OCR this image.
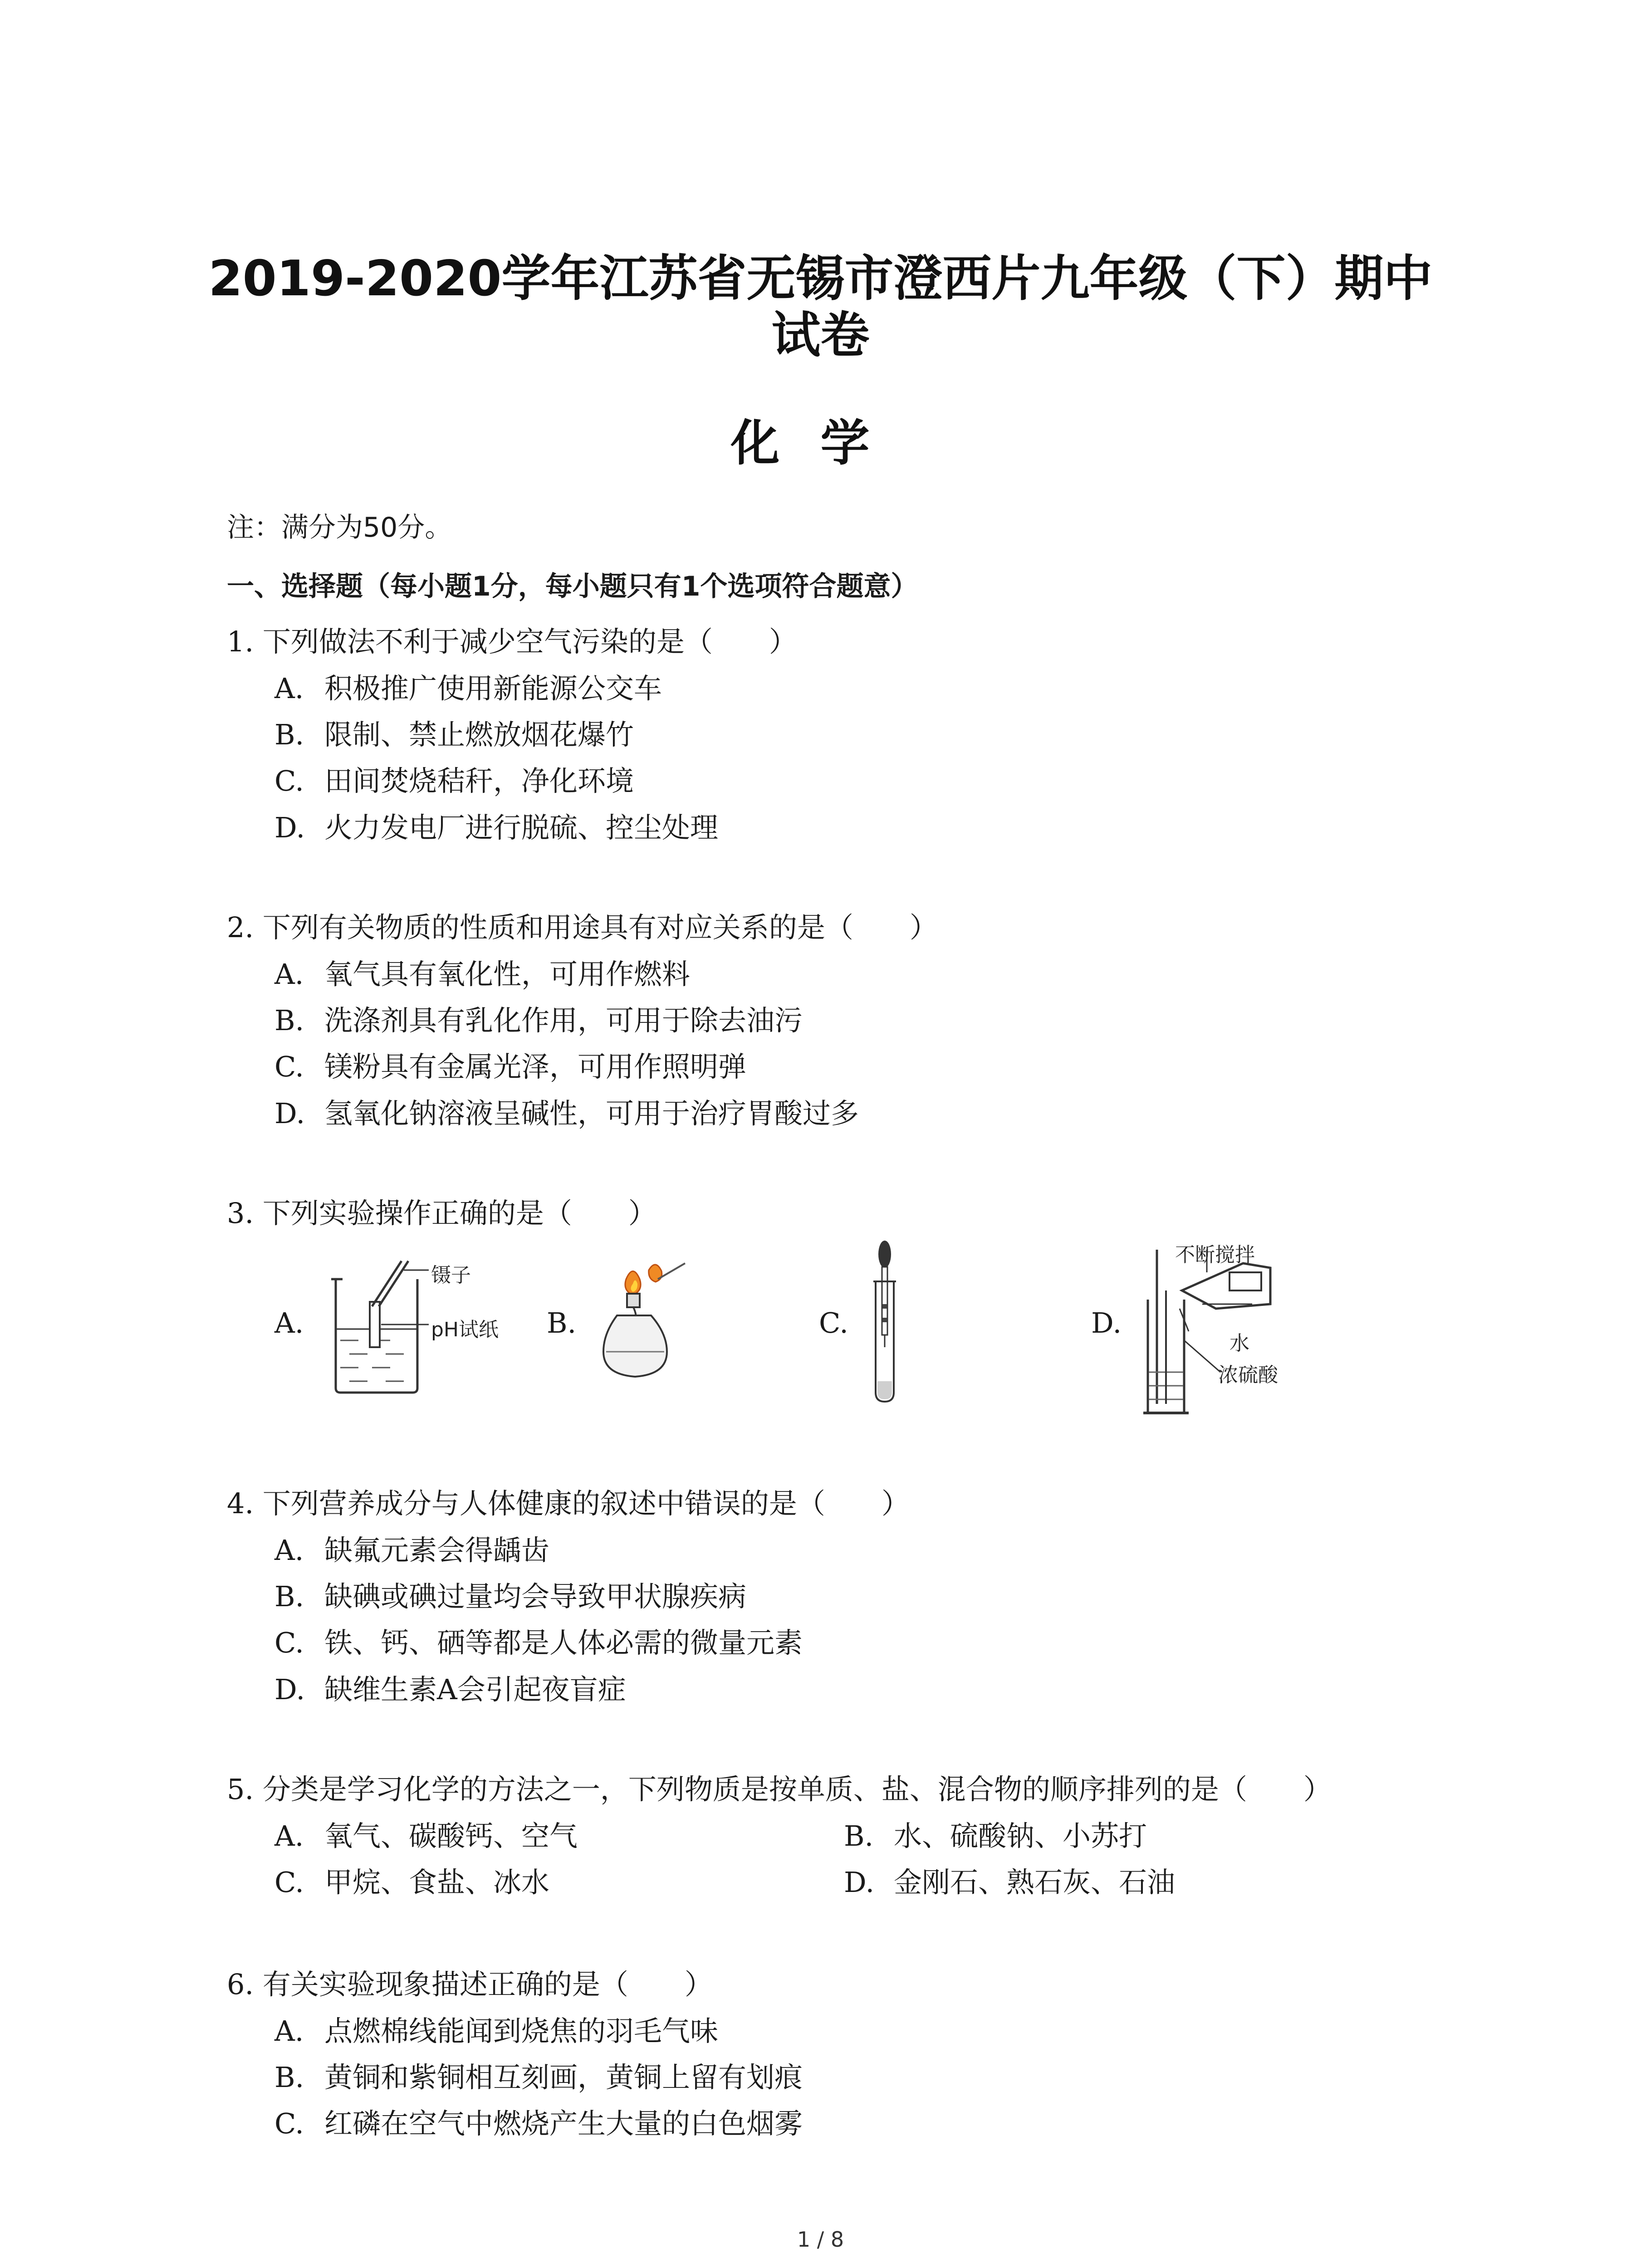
2019-2020学年江苏省无锡市澄西片九年级（下）期中
试卷
化学
注：满分为50分。
一、选择题（每小题1分，每小题只有1个选项符合题意）
1. 下列做法不利于减少空气污染的是（　　）
A. 积极推广使用新能源公交车
B. 限制、禁止燃放烟花爆竹
C. 田间焚烧秸秆，净化环境
D. 火力发电厂进行脱硫、控尘处理
2. 下列有关物质的性质和用途具有对应关系的是（　　）
A. 氧气具有氧化性，可用作燃料
B. 洗涤剂具有乳化作用，可用于除去油污
C. 镁粉具有金属光泽，可用作照明弹
D. 氢氧化钠溶液呈碱性，可用于治疗胃酸过多
3. 下列实验操作正确的是（　　）
A.	B.	C.	D.
镊子
pH试纸
不断搅拌
水
浓硫酸
4. 下列营养成分与人体健康的叙述中错误的是（　　）
A. 缺氟元素会得龋齿
B. 缺碘或碘过量均会导致甲状腺疾病
C. 铁、钙、硒等都是人体必需的微量元素
D. 缺维生素A会引起夜盲症
5. 分类是学习化学的方法之一，下列物质是按单质、盐、混合物的顺序排列的是（　　）
A. 氧气、碳酸钙、空气	B. 水、硫酸钠、小苏打
C. 甲烷、食盐、冰水	D. 金刚石、熟石灰、石油
6. 有关实验现象描述正确的是（　　）
A. 点燃棉线能闻到烧焦的羽毛气味
B. 黄铜和紫铜相互刻画，黄铜上留有划痕
C. 红磷在空气中燃烧产生大量的白色烟雾
1 / 8
